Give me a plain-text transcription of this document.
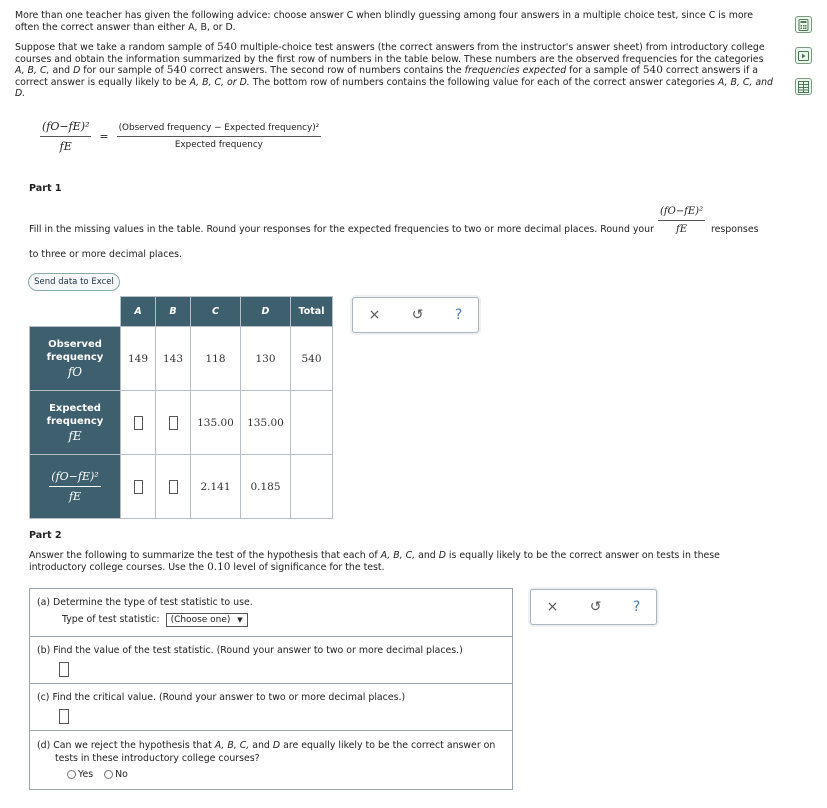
More than one teacher has given the following advice: choose answer C when blindly guessing among four answers in a multiple choice test, since C is more often the correct answer than either A, B, or D.

Suppose that we take a random sample of 540 multiple-choice test answers (the correct answers from the instructor's answer sheet) from introductory college courses and obtain the information summarized by the first row of numbers in the table below. These numbers are the observed frequencies for the categories A, B, C, and D for our sample of 540 correct answers. The second row of numbers contains the frequencies expected for a sample of 540 correct answers if a correct answer is equally likely to be A, B, C, or D. The bottom row of numbers contains the following value for each of the correct answer categories A, B, C, and D.

$\frac{\text{(fO−fE)²}}{fE} = \frac{\text{(Observed frequency − Expected frequency)²}}{\text{Expected frequency}}$
Part 1
Fill in the missing values in the table. Round your responses for the expected frequencies to two or more decimal places. Round your $\frac{\text{(fO−fE)²}}{fE}$ responses
to three or more decimal places.
Send data to Excel
	A	B	C	D	Total

Observed
frequency
fO	149	143	118	130	540

Expected
frequency
fE			135.00	135.00	

$\frac{\text{(fO−fE)²}}{fE}$			2.141	0.185	
× ↺ ?
Part 2

Answer the following to summarize the test of the hypothesis that each of A, B, C, and D is equally likely to be the correct answer on tests in these introductory college courses. Use the 0.10 level of significance for the test.

(a) Determine the type of test statistic to use.
Type of test statistic: (Choose one) ▼
(b) Find the value of the test statistic. (Round your answer to two or more decimal places.)
(c) Find the critical value. (Round your answer to two or more decimal places.)
(d) Can we reject the hypothesis that A, B, C, and D are equally likely to be the correct answer on tests in these introductory college courses?
Yes No
× ↺ ?
